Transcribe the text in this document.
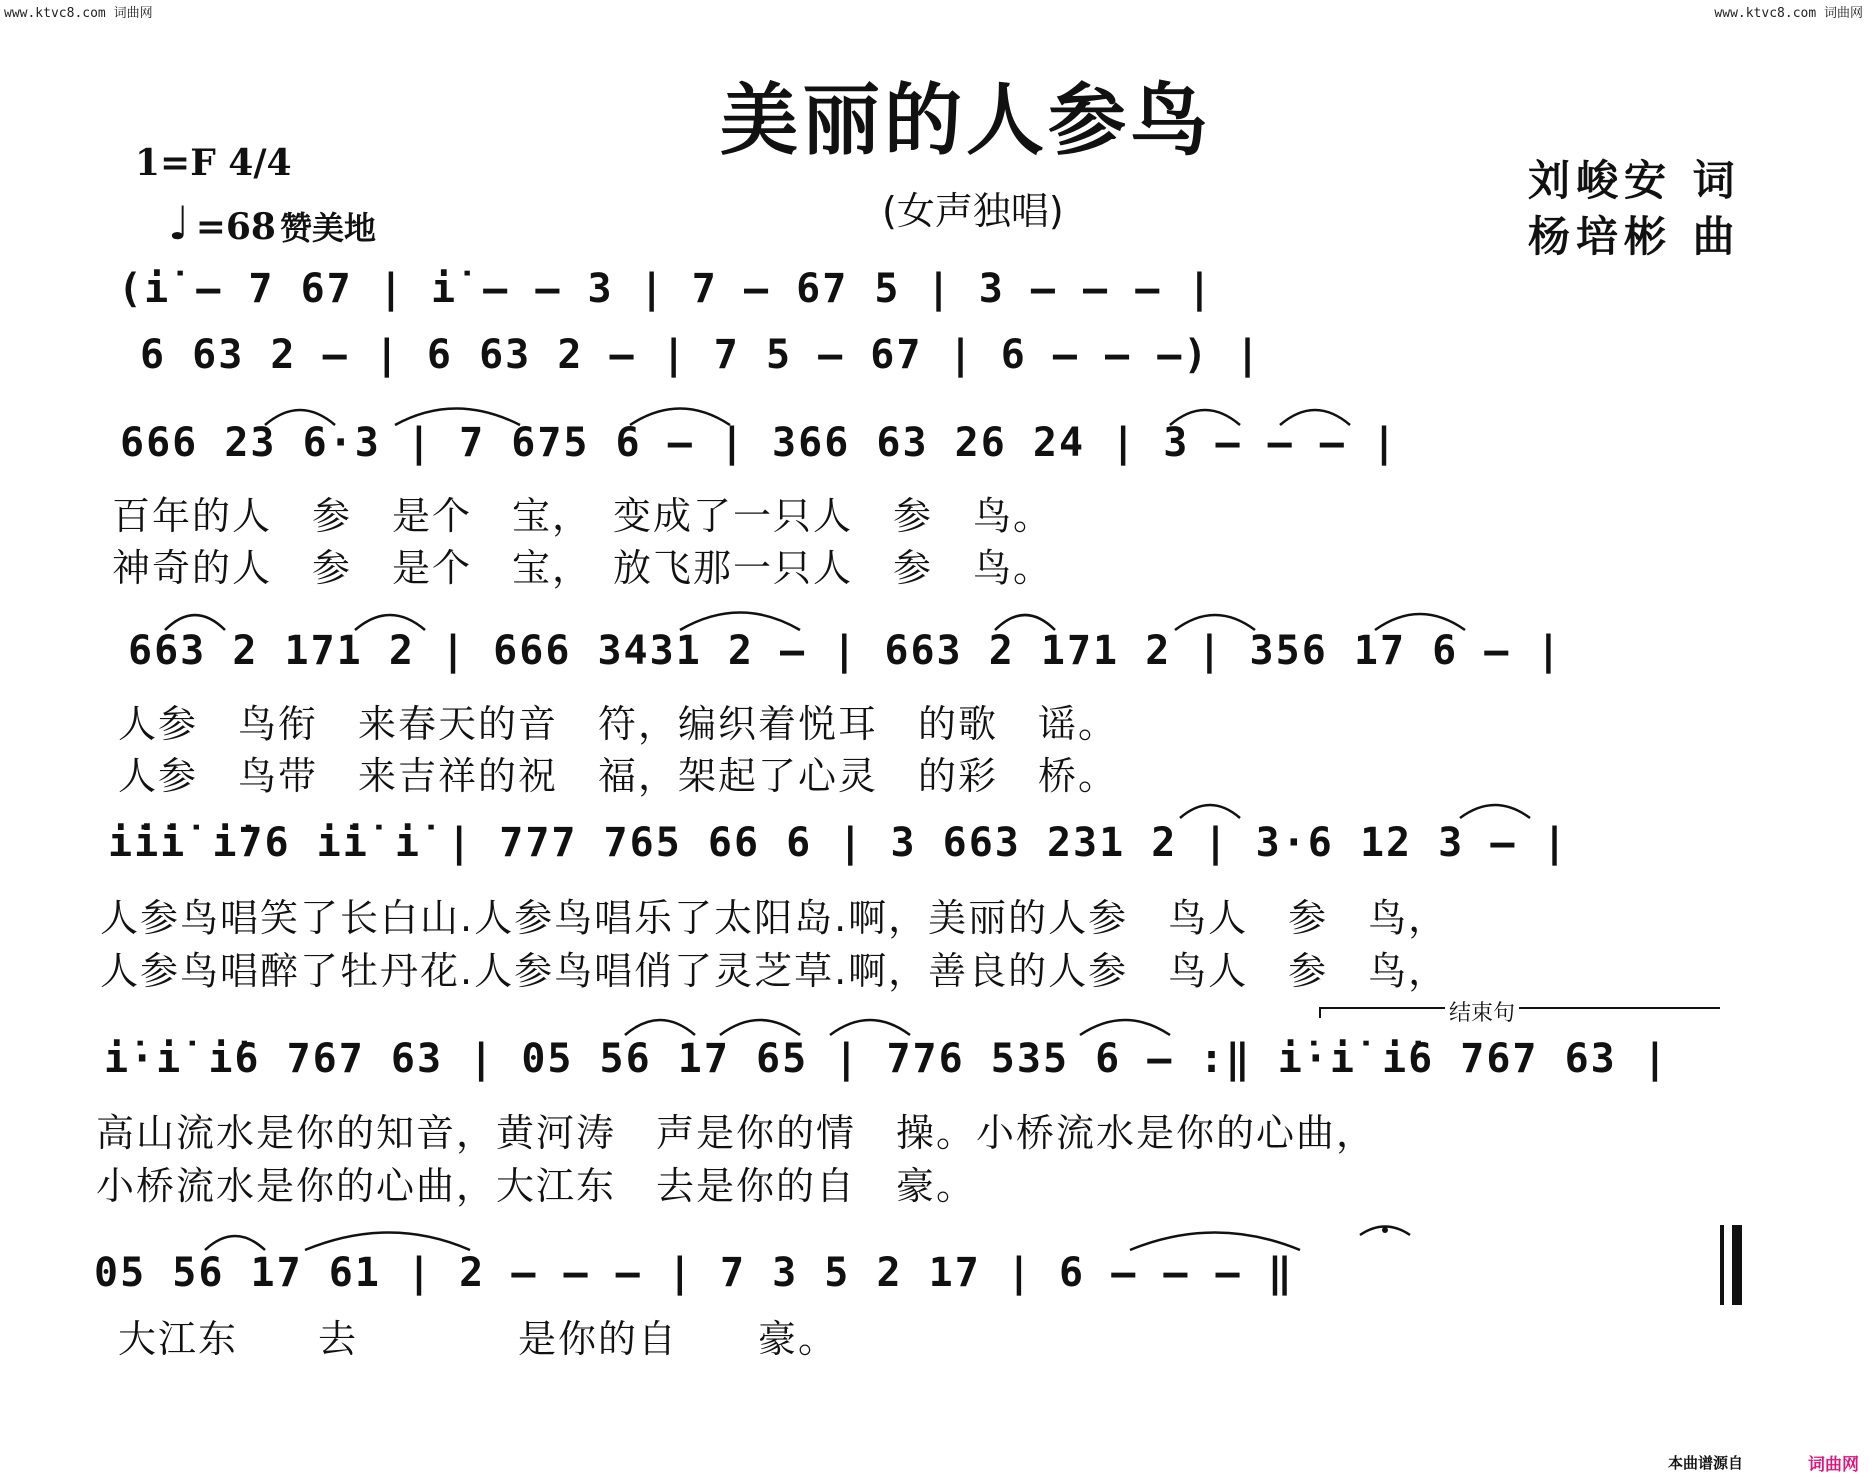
www.ktvc8.com 词曲网	www.ktvc8.com 词曲网
美丽的人参鸟
(女声独唱)
1=F 4/4
♩ =68 赞美地
刘峻安 词
杨培彬 曲
(i̇ — 7 67 | i̇ — — 3 | 7 — 67 5 | 3 — — — |
6 63 2 — | 6 63 2 — | 7 5 — 67 | 6 — — —) |
666 23 6·3 | 7 675 6 — | 366 63 26 24 | 3 — — — |
百年的人　参　是个　宝，　变成了一只人　参　鸟。
神奇的人　参　是个　宝，　放飞那一只人　参　鸟。
663 2 171 2 | 666 3431 2 — | 663 2 171 2 | 356 17 6 — |
人参　鸟衔　来春天的音　符，编织着悦耳　的歌　谣。
人参　鸟带　来吉祥的祝　福，架起了心灵　的彩　桥。
i̇i̇i̇ i̇76 i̇i̇ i̇ | 777 765 66 6 | 3 663 231 2 | 3·6 12 3 — |
人参鸟唱笑了长白山.人参鸟唱乐了太阳岛.啊，美丽的人参　鸟人　参　鸟，
人参鸟唱醉了牡丹花.人参鸟唱俏了灵芝草.啊，善良的人参　鸟人　参　鸟，
结束句
i̇·i̇ i̇6 767 63 | 05 56 17 65 | 776 535 6 — :‖ i̇·i̇ i̇6 767 63 |
高山流水是你的知音，黄河涛　声是你的情　操。小桥流水是你的心曲，
小桥流水是你的心曲，大江东　去是你的自　豪。
05 56 17 61 | 2 — — — | 7 3 5 2 17 | 6 — — — ‖
大江东　　去　　　　是你的自　　豪。
本曲谱源自	词曲网
